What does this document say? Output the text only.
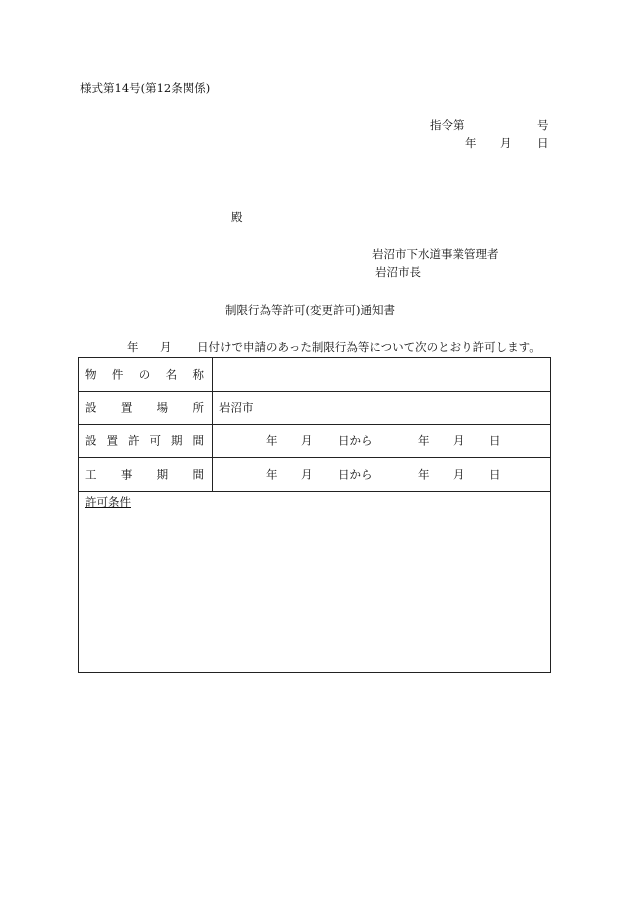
様式第14号(第12条関係)
指令第	号
年 月 日
殿
岩沼市下水道事業管理者
岩沼市長
制限行為等許可(変更許可)通知書
年 月 日付けで申請のあった制限行為等について次のとおり許可します。
物 件 の 名 称
設 置 場 所 岩沼市
設 置 許 可 期 間	年 月 日から	年 月 日
工 事 期 間	年 月 日から	年 月 日
許可条件
